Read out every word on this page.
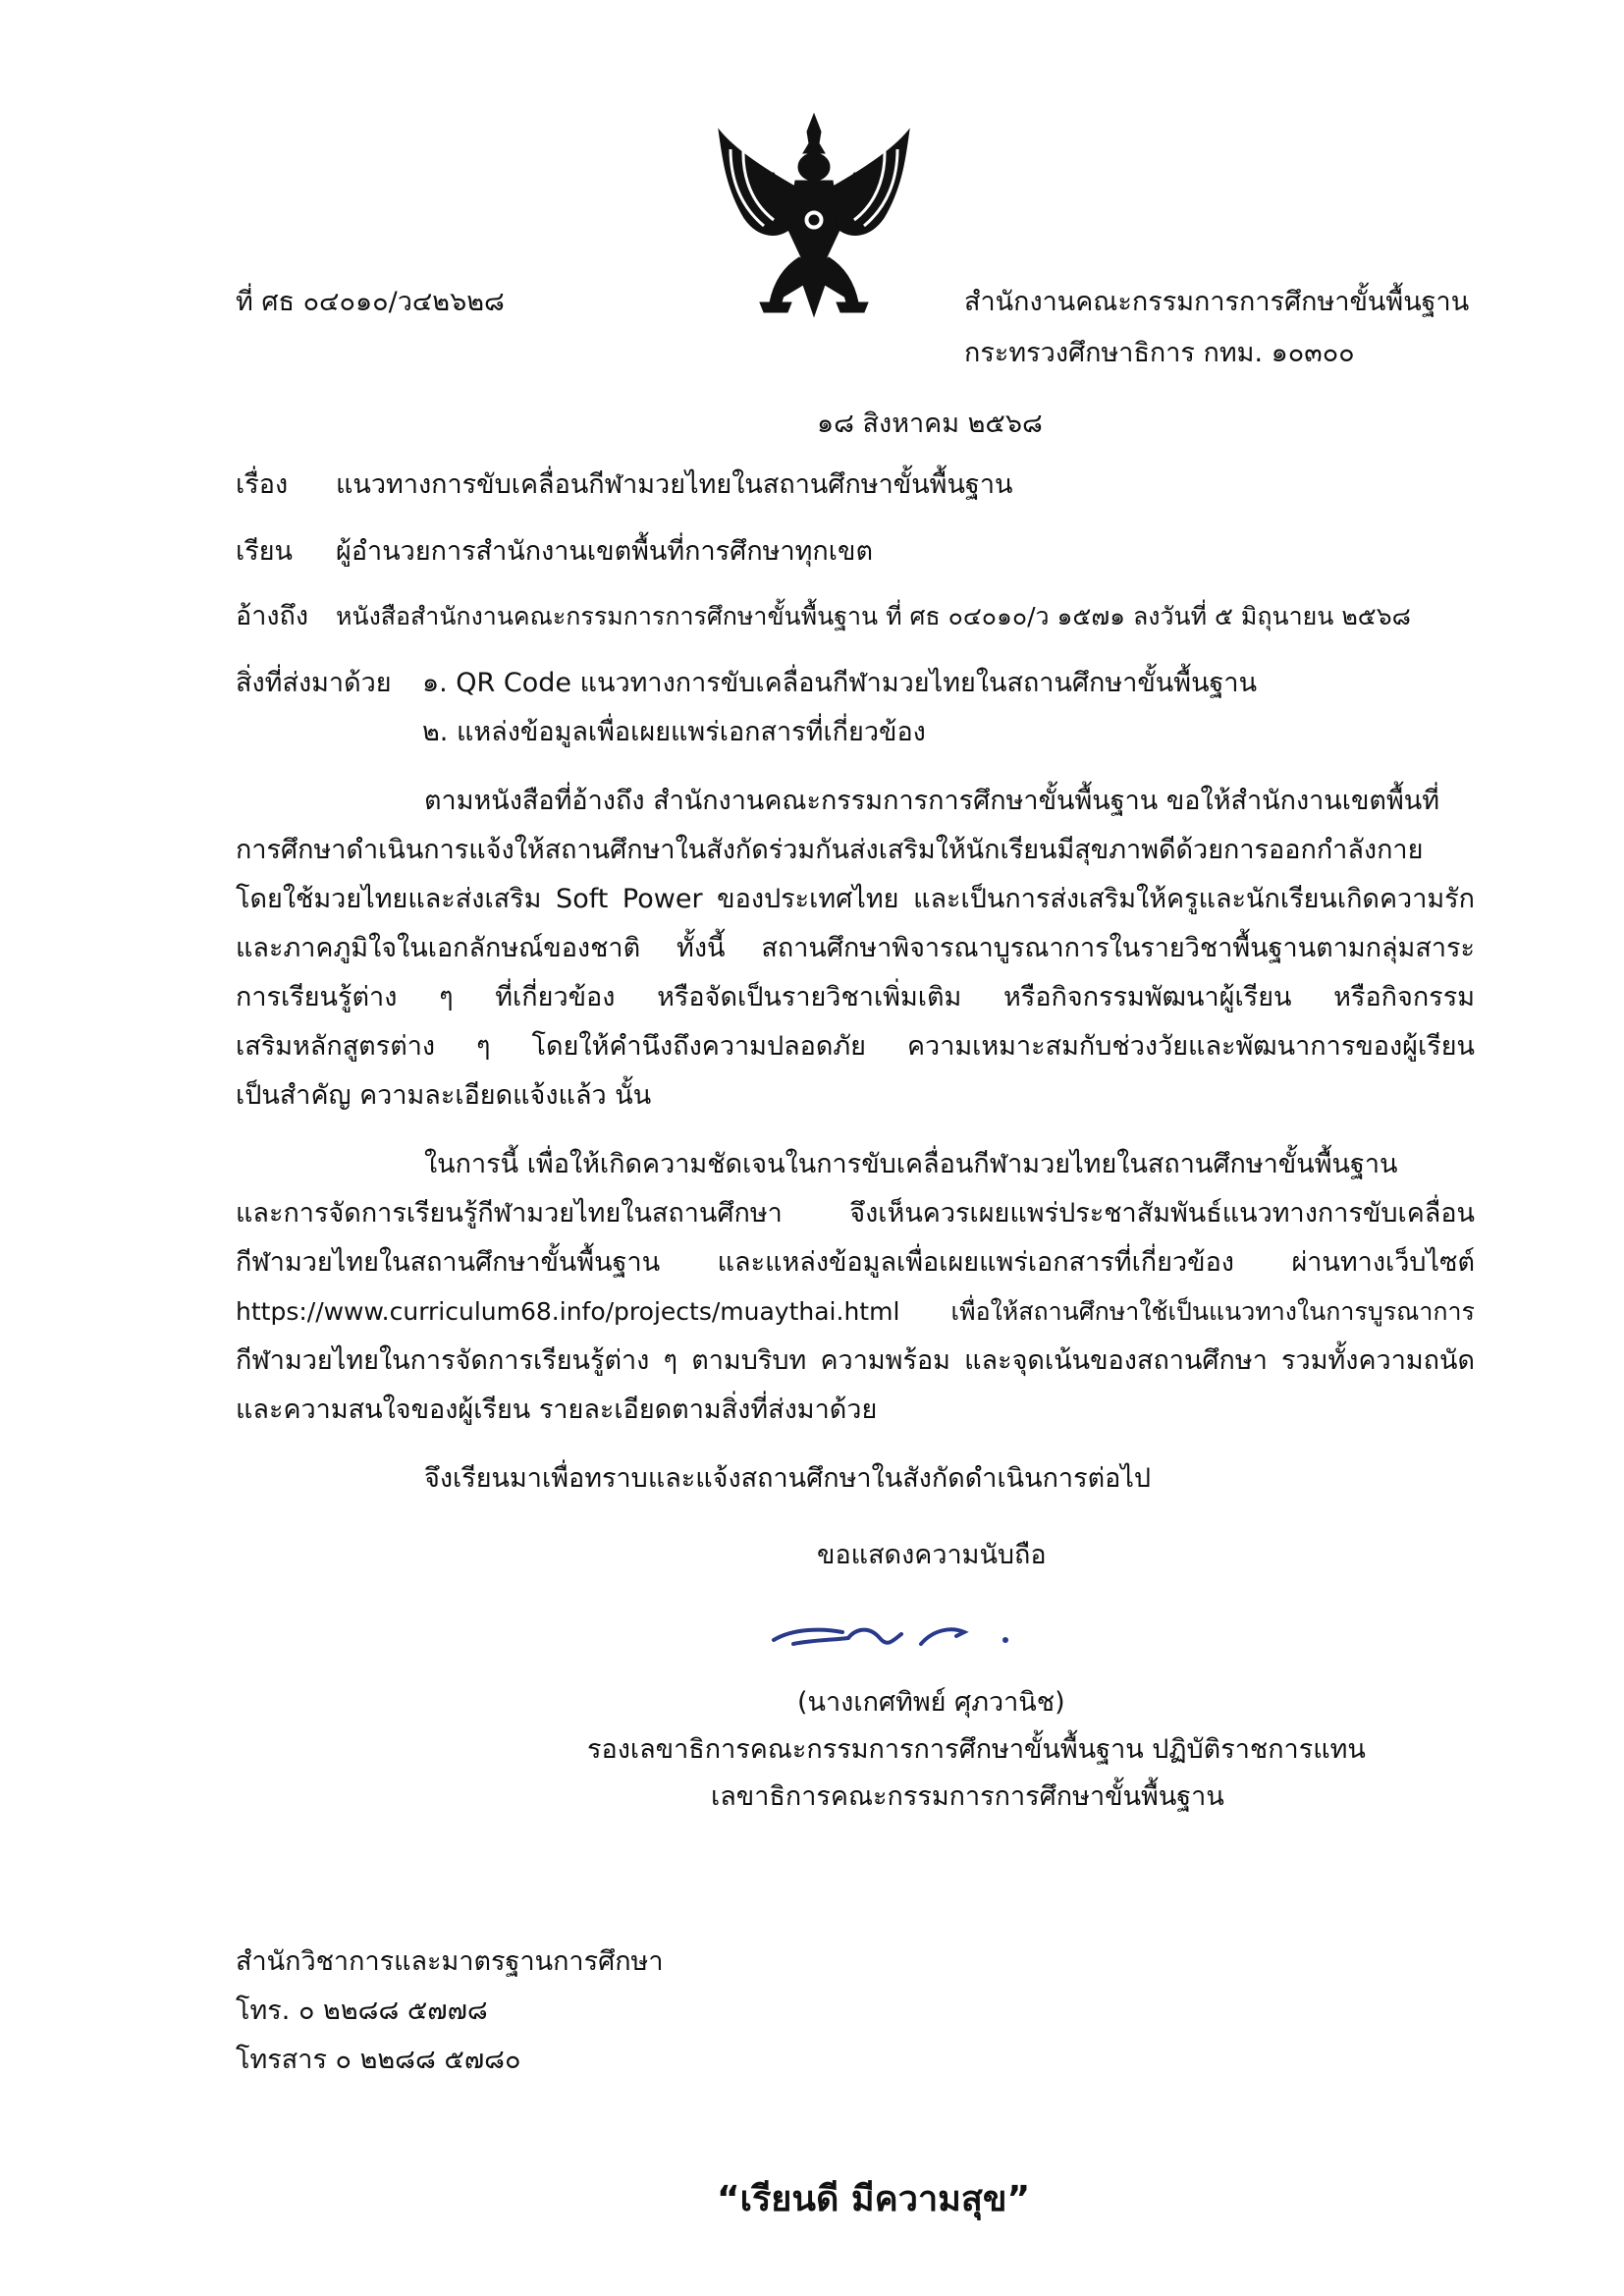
ที่ ศธ ๐๔๐๑๐/ว๔๒๖๒๘	สำนักงานคณะกรรมการการศึกษาขั้นพื้นฐาน
กระทรวงศึกษาธิการ กทม. ๑๐๓๐๐
๑๘ สิงหาคม ๒๕๖๘
เรื่อง แนวทางการขับเคลื่อนกีฬามวยไทยในสถานศึกษาขั้นพื้นฐาน
เรียน ผู้อำนวยการสำนักงานเขตพื้นที่การศึกษาทุกเขต
อ้างถึง หนังสือสำนักงานคณะกรรมการการศึกษาขั้นพื้นฐาน ที่ ศธ ๐๔๐๑๐/ว ๑๕๗๑ ลงวันที่ ๕ มิถุนายน ๒๕๖๘
สิ่งที่ส่งมาด้วย ๑. QR Code แนวทางการขับเคลื่อนกีฬามวยไทยในสถานศึกษาขั้นพื้นฐาน
๒. แหล่งข้อมูลเพื่อเผยแพร่เอกสารที่เกี่ยวข้อง
ตามหนังสือที่อ้างถึง สำนักงานคณะกรรมการการศึกษาขั้นพื้นฐาน ขอให้สำนักงานเขตพื้นที่
การศึกษาดำเนินการแจ้งให้สถานศึกษาในสังกัดร่วมกันส่งเสริมให้นักเรียนมีสุขภาพดีด้วยการออกกำลังกาย
โดยใช้มวยไทยและส่งเสริม Soft Power ของประเทศไทย และเป็นการส่งเสริมให้ครูและนักเรียนเกิดความรัก
และภาคภูมิใจในเอกลักษณ์ของชาติ ทั้งนี้ สถานศึกษาพิจารณาบูรณาการในรายวิชาพื้นฐานตามกลุ่มสาระ
การเรียนรู้ต่าง ๆ ที่เกี่ยวข้อง หรือจัดเป็นรายวิชาเพิ่มเติม หรือกิจกรรมพัฒนาผู้เรียน หรือกิจกรรม
เสริมหลักสูตรต่าง ๆ โดยให้คำนึงถึงความปลอดภัย ความเหมาะสมกับช่วงวัยและพัฒนาการของผู้เรียน
เป็นสำคัญ ความละเอียดแจ้งแล้ว นั้น
ในการนี้ เพื่อให้เกิดความชัดเจนในการขับเคลื่อนกีฬามวยไทยในสถานศึกษาขั้นพื้นฐาน
และการจัดการเรียนรู้กีฬามวยไทยในสถานศึกษา จึงเห็นควรเผยแพร่ประชาสัมพันธ์แนวทางการขับเคลื่อน
กีฬามวยไทยในสถานศึกษาขั้นพื้นฐาน และแหล่งข้อมูลเพื่อเผยแพร่เอกสารที่เกี่ยวข้อง ผ่านทางเว็บไซต์
https://www.curriculum68.info/projects/muaythai.html เพื่อให้สถานศึกษาใช้เป็นแนวทางในการบูรณาการ
กีฬามวยไทยในการจัดการเรียนรู้ต่าง ๆ ตามบริบท ความพร้อม และจุดเน้นของสถานศึกษา รวมทั้งความถนัด
และความสนใจของผู้เรียน รายละเอียดตามสิ่งที่ส่งมาด้วย
จึงเรียนมาเพื่อทราบและแจ้งสถานศึกษาในสังกัดดำเนินการต่อไป
ขอแสดงความนับถือ
(นางเกศทิพย์ ศุภวานิช)
รองเลขาธิการคณะกรรมการการศึกษาขั้นพื้นฐาน ปฏิบัติราชการแทน
เลขาธิการคณะกรรมการการศึกษาขั้นพื้นฐาน
สำนักวิชาการและมาตรฐานการศึกษา
โทร. ๐ ๒๒๘๘ ๕๗๗๘
โทรสาร ๐ ๒๒๘๘ ๕๗๘๐
“เรียนดี มีความสุข”
